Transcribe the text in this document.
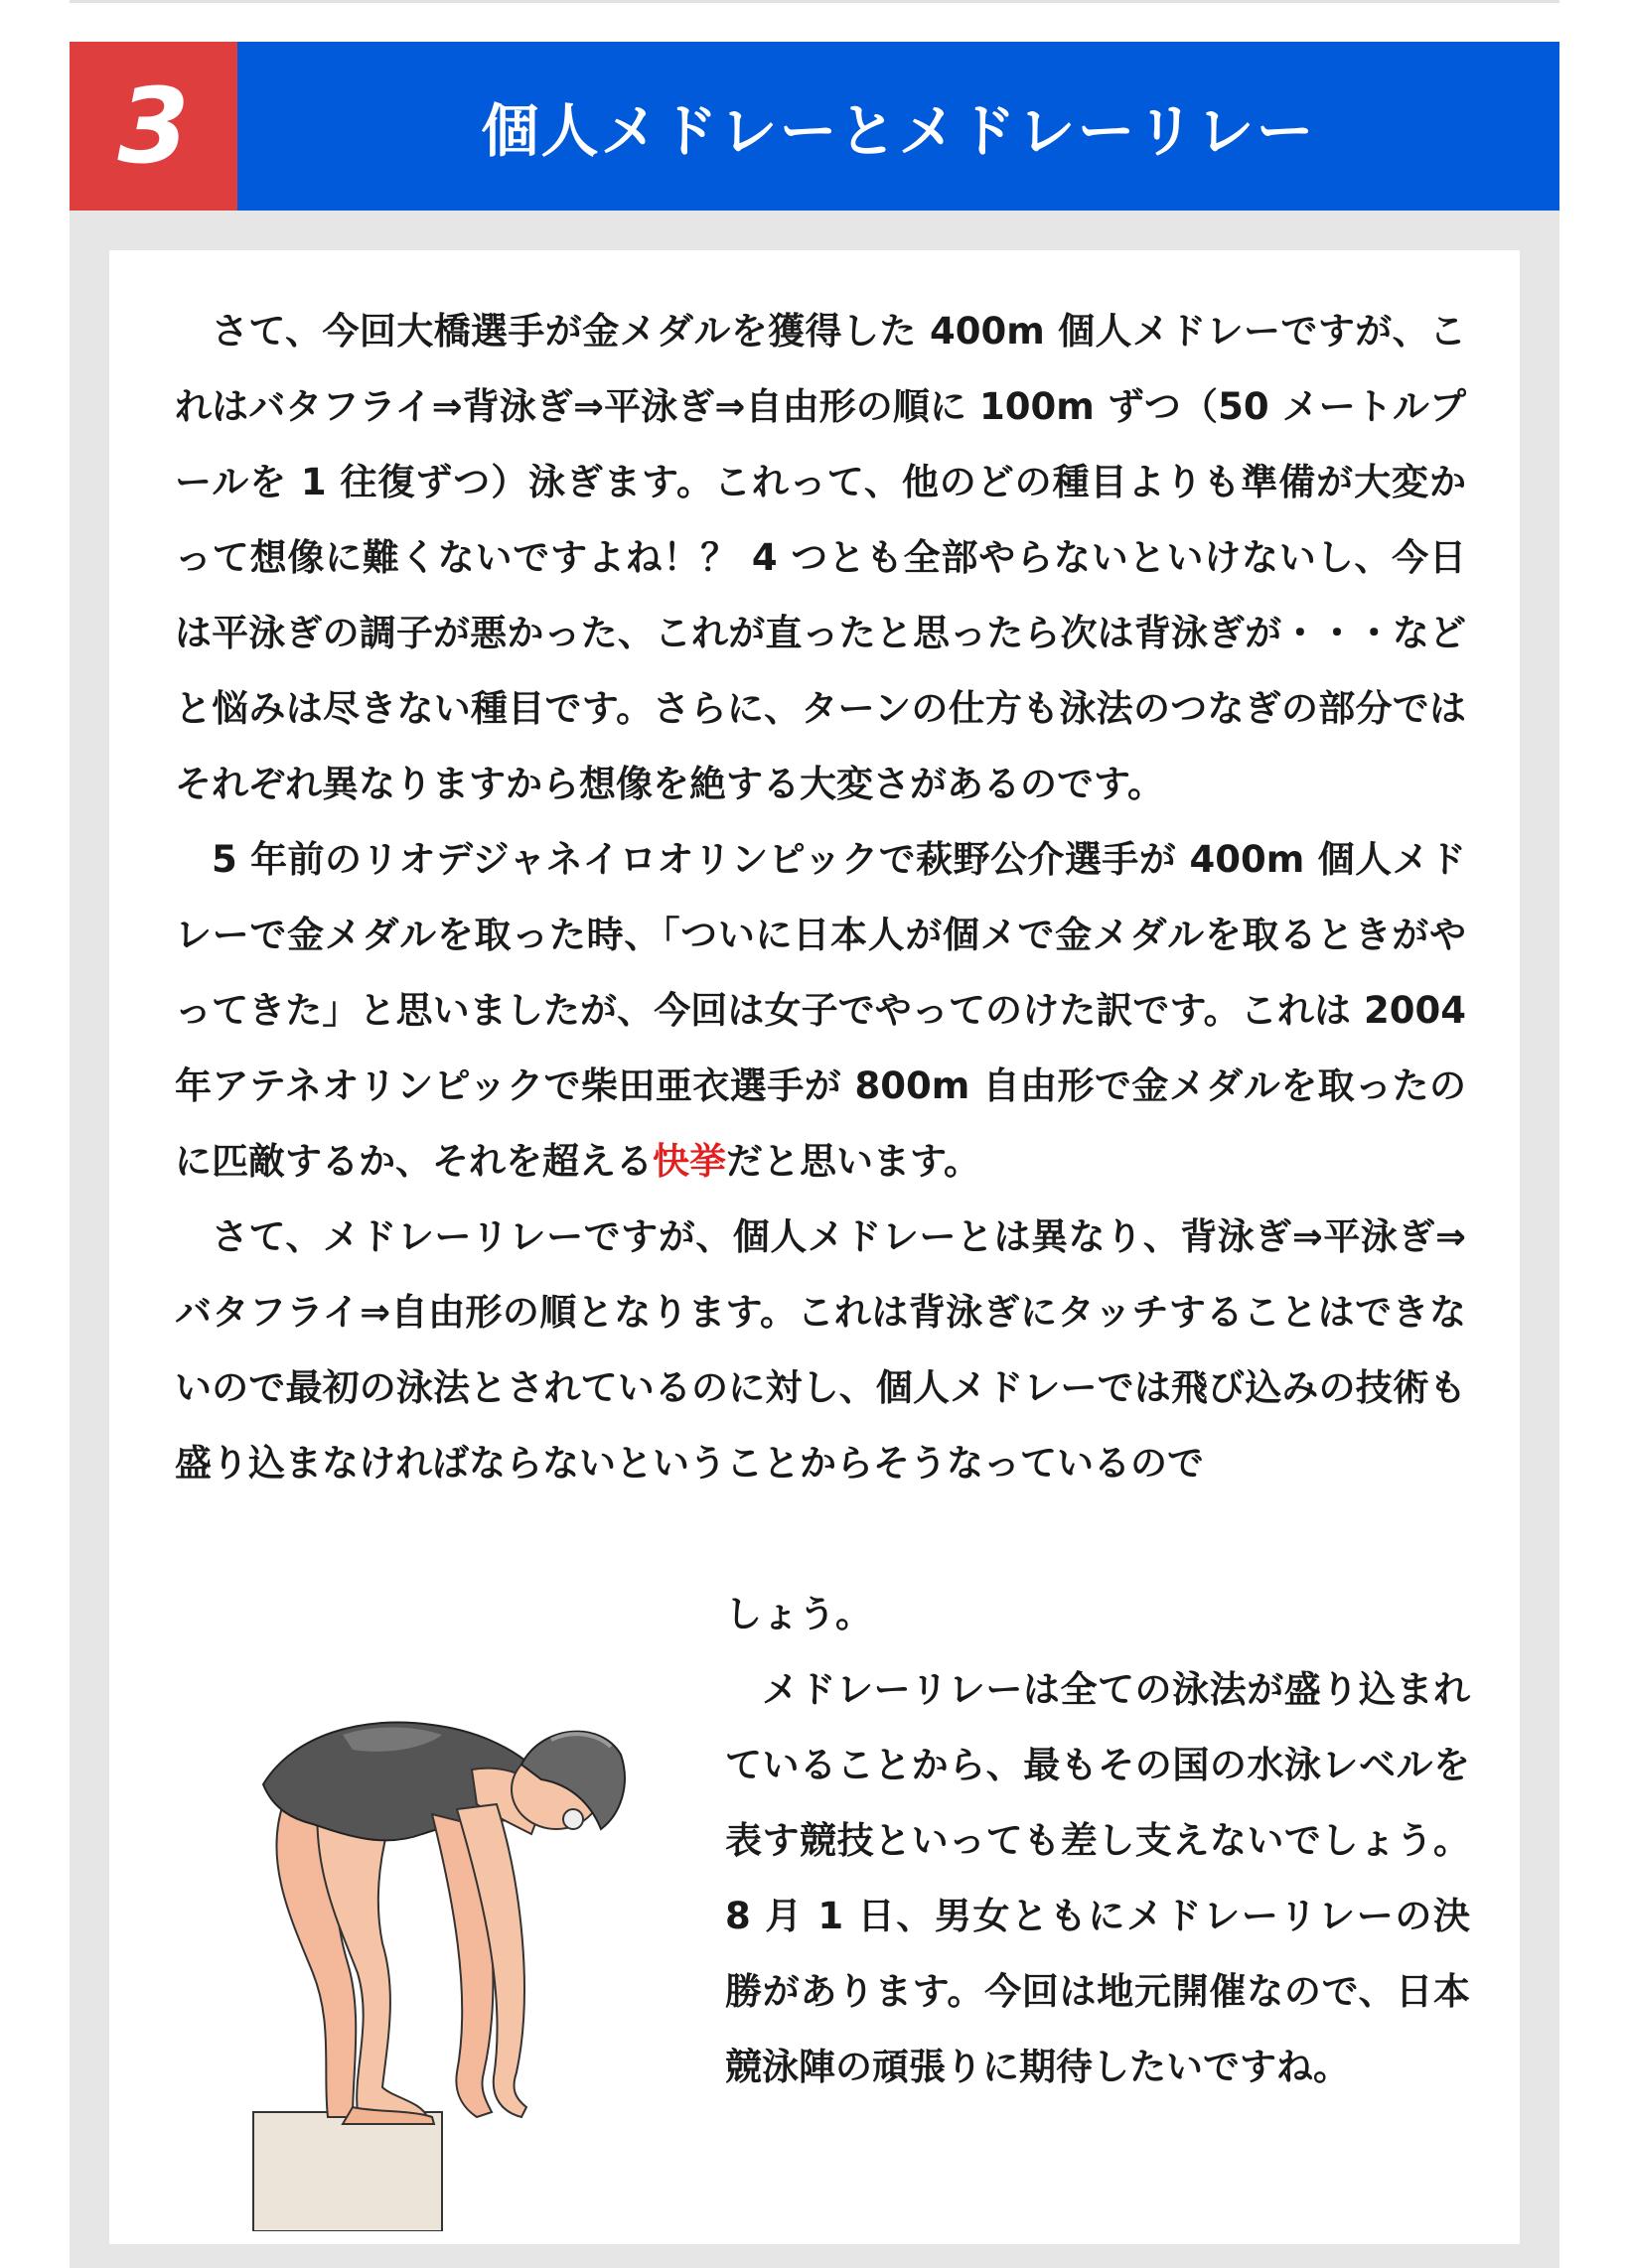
3	個人メドレーとメドレーリレー

さて、今回大橋選手が金メダルを獲得した 400m 個人メドレーですが、これはバタフライ⇒背泳ぎ⇒平泳ぎ⇒自由形の順に 100m ずつ（50 メートルプールを 1 往復ずつ）泳ぎます。これって、他のどの種目よりも準備が大変かって想像に難くないですよね！？ 4 つとも全部やらないといけないし、今日は平泳ぎの調子が悪かった、これが直ったと思ったら次は背泳ぎが・・・などと悩みは尽きない種目です。さらに、ターンの仕方も泳法のつなぎの部分ではそれぞれ異なりますから想像を絶する大変さがあるのです。

5 年前のリオデジャネイロオリンピックで萩野公介選手が 400m 個人メドレーで金メダルを取った時、「ついに日本人が個メで金メダルを取るときがやってきた」と思いましたが、今回は女子でやってのけた訳です。これは 2004 年アテネオリンピックで柴田亜衣選手が 800m 自由形で金メダルを取ったのに匹敵するか、それを超える快挙だと思います。

さて、メドレーリレーですが、個人メドレーとは異なり、背泳ぎ⇒平泳ぎ⇒バタフライ⇒自由形の順となります。これは背泳ぎにタッチすることはできないので最初の泳法とされているのに対し、個人メドレーでは飛び込みの技術も盛り込まなければならないということからそうなっているので

しょう。

メドレーリレーは全ての泳法が盛り込まれていることから、最もその国の水泳レベルを表す競技といっても差し支えないでしょう。8 月 1 日、男女ともにメドレーリレーの決勝があります。今回は地元開催なので、日本競泳陣の頑張りに期待したいですね。
